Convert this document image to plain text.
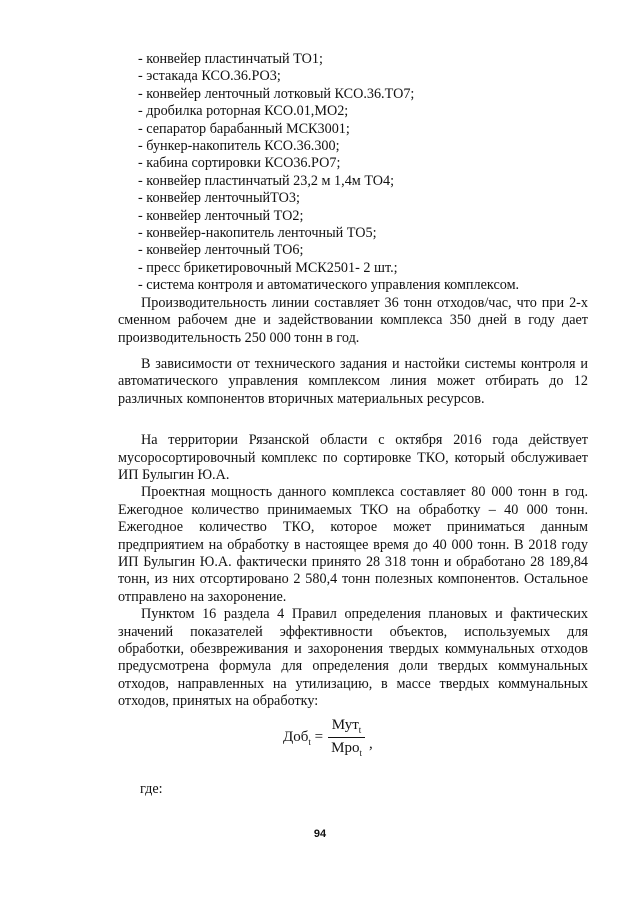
- конвейер пластинчатый ТО1;
- эстакада КСО.36.РО3;
- конвейер ленточный лотковый КСО.36.ТО7;
- дробилка роторная КСО.01,МО2;
- сепаратор барабанный МСК3001;
- бункер-накопитель КСО.36.300;
- кабина сортировки КСО36.РО7;
- конвейер пластинчатый 23,2 м 1,4м ТО4;
- конвейер ленточныйТО3;
- конвейер ленточный ТО2;
- конвейер-накопитель ленточный ТО5;
- конвейер ленточный ТО6;
- пресс брикетировочный МСК2501- 2 шт.;
- система контроля и автоматического управления комплексом.

Производительность линии составляет 36 тонн отходов/час, что при 2-х сменном рабочем дне и задействовании комплекса 350 дней в году дает производительность 250 000 тонн в год.

В зависимости от технического задания и настойки системы контроля и автоматического управления комплексом линия может отбирать до 12 различных компонентов вторичных материальных ресурсов.

На территории Рязанской области с октября 2016 года действует мусоросортировочный комплекс по сортировке ТКО, который обслуживает ИП Булыгин Ю.А.

Проектная мощность данного комплекса составляет 80 000 тонн в год. Ежегодное количество принимаемых ТКО на обработку – 40 000 тонн. Ежегодное количество ТКО, которое может приниматься данным предприятием на обработку в настоящее время до 40 000 тонн. В 2018 году ИП Булыгин Ю.А. фактически принято 28 318 тонн и обработано 28 189,84 тонн, из них отсортировано 2 580,4 тонн полезных компонентов. Остальное отправлено на захоронение.

Пунктом 16 раздела 4 Правил определения плановых и фактических значений показателей эффективности объектов, используемых для обработки, обезвреживания и захоронения твердых коммунальных отходов предусмотрена формула для определения доли твердых коммунальных отходов, направленных на утилизацию, в массе твердых коммунальных отходов, принятых на обработку:

$Доб_t = \frac{Мут_t}{Мро_t}$ ,
где:
94
